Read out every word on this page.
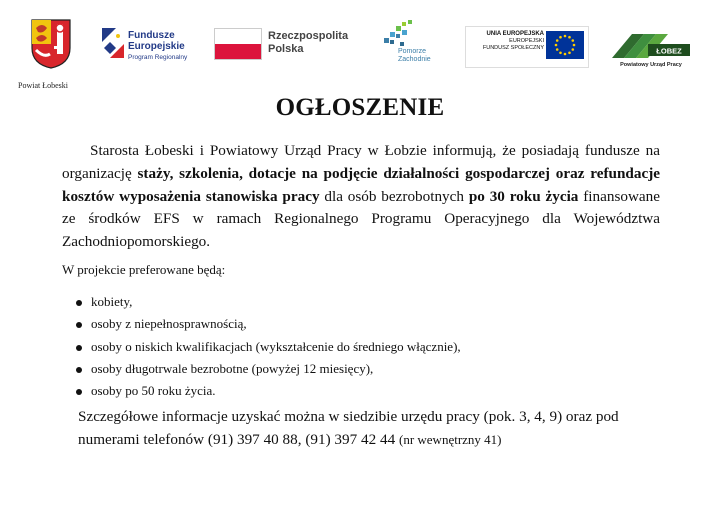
Fundusze
Europejskie
Program Regionalny
Rzeczpospolita
Polska	Pomorze
Zachodnie
UNIA EUROPEJSKA
EUROPEJSKI
FUNDUSZ SPOŁECZNY	ŁOBEZ
Powiatowy Urząd Pracy
Powiat Łobeski
OGŁOSZENIE

Starosta Łobeski i Powiatowy Urząd Pracy w Łobzie informują, że posiadają fundusze na organizację staży, szkolenia, dotacje na podjęcie działalności gospodarczej oraz refundacje kosztów wyposażenia stanowiska pracy dla osób bezrobotnych po 30 roku życia finansowane ze środków EFS w ramach Regionalnego Programu Operacyjnego dla Województwa Zachodniopomorskiego.

W projekcie preferowane będą:

kobiety,
osoby z niepełnosprawnością,
osoby o niskich kwalifikacjach (wykształcenie do średniego włącznie),
osoby długotrwale bezrobotne (powyżej 12 miesięcy),
osoby po 50 roku życia.

Szczegółowe informacje uzyskać można w siedzibie urzędu pracy (pok. 3, 4, 9) oraz pod numerami telefonów (91) 397 40 88, (91) 397 42 44 (nr wewnętrzny 41)
